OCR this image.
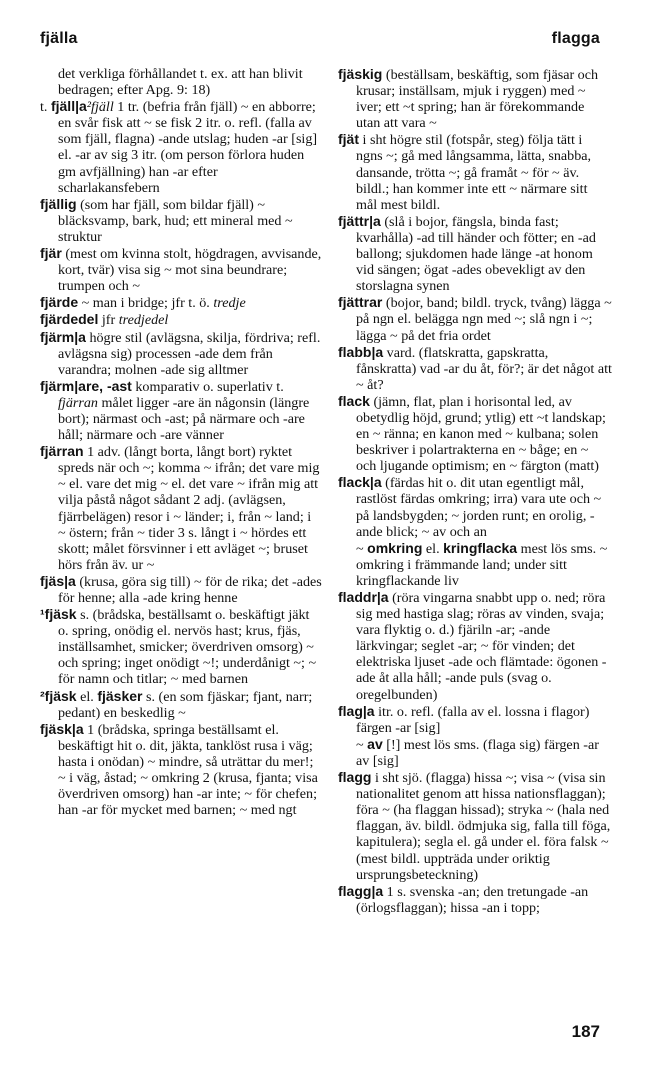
fjälla	flagga

det verkliga förhållandet t. ex. att han blivit bedragen; efter Apg. 9: 18)

t. fjäll|a²fjäll 1 tr. (befria från fjäll) ~ en abborre; en svår fisk att ~ se fisk 2 itr. o. refl. (falla av som fjäll, flagna) -ande utslag; huden -ar [sig] el. -ar av sig 3 itr. (om person förlora huden gm avfjällning) han -ar efter scharlakansfebern

fjällig (som har fjäll, som bildar fjäll) ~ bläcksvamp, bark, hud; ett mineral med ~ struktur

fjär (mest om kvinna stolt, högdragen, avvisande, kort, tvär) visa sig ~ mot sina beundrare; trumpen och ~

fjärde ~ man i bridge; jfr t. ö. tredje

fjärdedel jfr tredjedel

fjärm|a högre stil (avlägsna, skilja, fördriva; refl. avlägsna sig) processen -ade dem från varandra; molnen -ade sig alltmer

fjärm|are, -ast komparativ o. superlativ t. fjärran målet ligger -are än någonsin (längre bort); närmast och -ast; på närmare och -are håll; närmare och -are vänner

fjärran 1 adv. (långt borta, långt bort) ryktet spreds när och ~; komma ~ ifrån; det vare mig ~ el. vare det mig ~ el. det vare ~ ifrån mig att vilja påstå något sådant 2 adj. (avlägsen, fjärrbelägen) resor i ~ länder; i, från ~ land; i ~ östern; från ~ tider 3 s. långt i ~ hördes ett skott; målet försvinner i ett avläget ~; bruset hörs från äv. ur ~

fjäs|a (krusa, göra sig till) ~ för de rika; det -ades för henne; alla -ade kring henne

¹fjäsk s. (brådska, beställsamt o. beskäftigt jäkt o. spring, onödig el. nervös hast; krus, fjäs, inställsamhet, smicker; överdriven omsorg) ~ och spring; inget onödigt ~!; underdånigt ~; ~ för namn och titlar; ~ med barnen

²fjäsk el. fjäsker s. (en som fjäskar; fjant, narr; pedant) en beskedlig ~

fjäsk|a 1 (brådska, springa beställsamt el. beskäftigt hit o. dit, jäkta, tanklöst rusa i väg; hasta i onödan) ~ mindre, så uträttar du mer!; ~ i väg, åstad; ~ omkring 2 (krusa, fjanta; visa överdriven omsorg) han -ar inte; ~ för chefen; han -ar för mycket med barnen; ~ med ngt

fjäskig (beställsam, beskäftig, som fjäsar och krusar; inställsam, mjuk i ryggen) med ~ iver; ett ~t spring; han är förekommande utan att vara ~

fjät i sht högre stil (fotspår, steg) följa tätt i ngns ~; gå med långsamma, lätta, snabba, dansande, trötta ~; gå framåt ~ för ~ äv. bildl.; han kommer inte ett ~ närmare sitt mål mest bildl.

fjättr|a (slå i bojor, fängsla, binda fast; kvarhålla) -ad till händer och fötter; en -ad ballong; sjukdomen hade länge -at honom vid sängen; ögat -ades obevekligt av den storslagna synen

fjättrar (bojor, band; bildl. tryck, tvång) lägga ~ på ngn el. belägga ngn med ~; slå ngn i ~; lägga ~ på det fria ordet

flabb|a vard. (flatskratta, gapskratta, fånskratta) vad -ar du åt, för?; är det något att ~ åt?

flack (jämn, flat, plan i horisontal led, av obetydlig höjd, grund; ytlig) ett ~t landskap; en ~ ränna; en kanon med ~ kulbana; solen beskriver i polartrakterna en ~ båge; en ~ och ljugande optimism; en ~ färgton (matt)

flack|a (färdas hit o. dit utan egentligt mål, rastlöst färdas omkring; irra) vara ute och ~ på landsbygden; ~ jorden runt; en orolig, -ande blick; ~ av och an

~ omkring el. kringflacka mest lös sms. ~ omkring i främmande land; under sitt kringflackande liv

fladdr|a (röra vingarna snabbt upp o. ned; röra sig med hastiga slag; röras av vinden, svaja; vara flyktig o. d.) fjäriln -ar; -ande lärkvingar; seglet -ar; ~ för vinden; det elektriska ljuset -ade och flämtade: ögonen -ade åt alla håll; -ande puls (svag o. oregelbunden)

flag|a itr. o. refl. (falla av el. lossna i flagor) färgen -ar [sig]

~ av [!] mest lös sms. (flaga sig) färgen -ar av [sig]

flagg i sht sjö. (flagga) hissa ~; visa ~ (visa sin nationalitet genom att hissa nationsflaggan); föra ~ (ha flaggan hissad); stryka ~ (hala ned flaggan, äv. bildl. ödmjuka sig, falla till föga, kapitulera); segla el. gå under el. föra falsk ~ (mest bildl. uppträda under oriktig ursprungsbeteckning)

flagg|a 1 s. svenska -an; den tretungade -an (örlogsflaggan); hissa -an i topp;

187
